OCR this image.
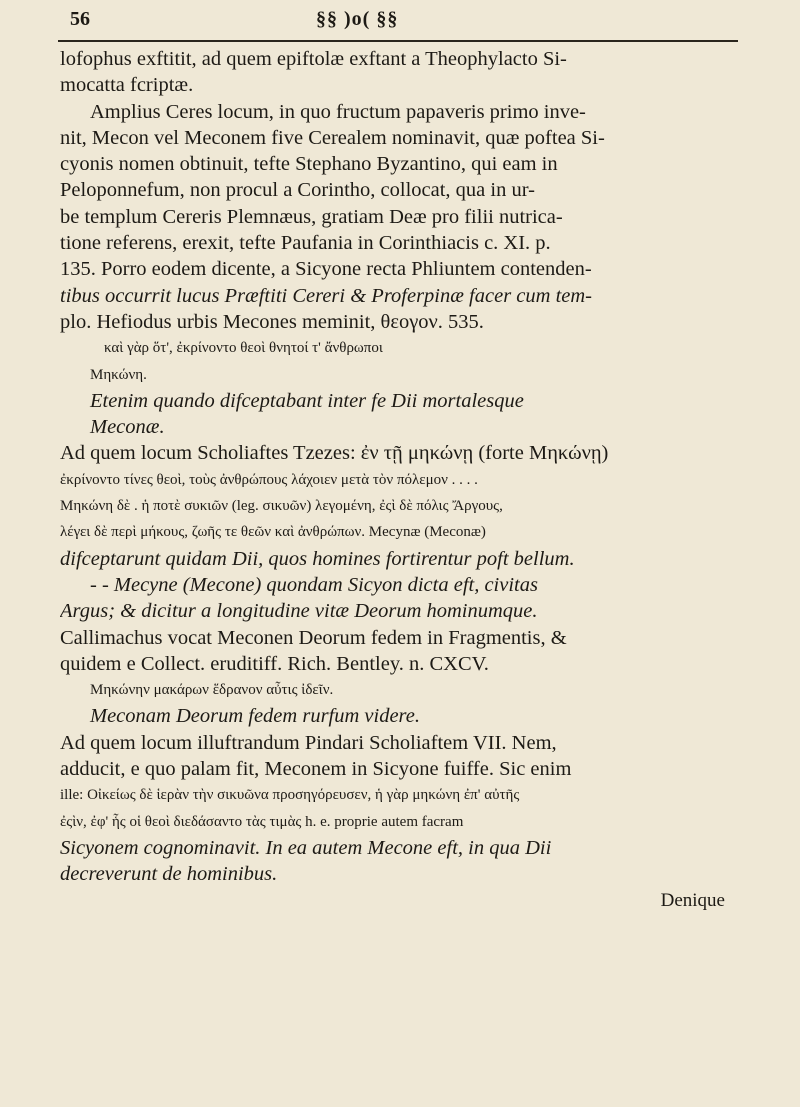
56	§§ )o( §§
lofophus exftitit, ad quem epiftolæ exftant a Theophylacto Si-
mocatta fcriptæ.
Amplius Ceres locum, in quo fructum papaveris primo inve-
nit, Mecon vel Meconem five Cerealem nominavit, quæ poftea Si-
cyonis nomen obtinuit, tefte Stephano Byzantino, qui eam in
Peloponnefum, non procul a Corintho, collocat, qua in ur-
be templum Cereris Plemnæus, gratiam Deæ pro filii nutrica-
tione referens, erexit, tefte Paufania in Corinthiacis c. XI. p.
135. Porro eodem dicente, a Sicyone recta Phliuntem contenden-
tibus occurrit lucus Præftiti Cereri & Proferpinæ facer cum tem-
plo. Hefiodus urbis Mecones meminit, θεογον. 535.
καὶ γὰρ ὅτ', ἐκρίνοντο θεοὶ θνητοί τ' ἄνθρωποι
Μηκώνη.
Etenim quando difceptabant inter fe Dii mortalesque
Meconæ.
Ad quem locum Scholiaftes Tzezes: ἐν τῇ μηκώνῃ (forte Μηκώνῃ)
ἐκρίνοντο τίνες θεοὶ, τοὺς ἀνθρώπους λάχοιεν μετὰ τὸν πόλεμον . . . .
Μηκώνη δὲ . ἡ ποτὲ συκιῶν (leg. σικυῶν) λεγομένη, ἐςὶ δὲ πόλις Ἄργους,
λέγει δὲ περὶ μήκους, ζωῆς τε θεῶν καὶ ἀνθρώπων. Mecynæ (Meconæ)
difceptarunt quidam Dii, quos homines fortirentur poft bellum.
- - Mecyne (Mecone) quondam Sicyon dicta eft, civitas
Argus; & dicitur a longitudine vitæ Deorum hominumque.
Callimachus vocat Meconen Deorum fedem in Fragmentis, &
quidem e Collect. eruditiff. Rich. Bentley. n. CXCV.
Μηκώνην μακάρων ἕδρανον αὖτις ἰδεῖν.
Meconam Deorum fedem rurfum videre.
Ad quem locum illuftrandum Pindari Scholiaftem VII. Nem,
adducit, e quo palam fit, Meconem in Sicyone fuiffe. Sic enim
ille: Οἰκείως δὲ ἱερὰν τὴν σικυῶνα προσηγόρευσεν, ἡ γὰρ μηκώνη ἐπ' αὐτῆς
ἐςὶν, ἐφ' ἧς οἱ θεοὶ διεδάσαντο τὰς τιμὰς h. e. proprie autem facram
Sicyonem cognominavit. In ea autem Mecone eft, in qua Dii
decreverunt de hominibus.
Denique
